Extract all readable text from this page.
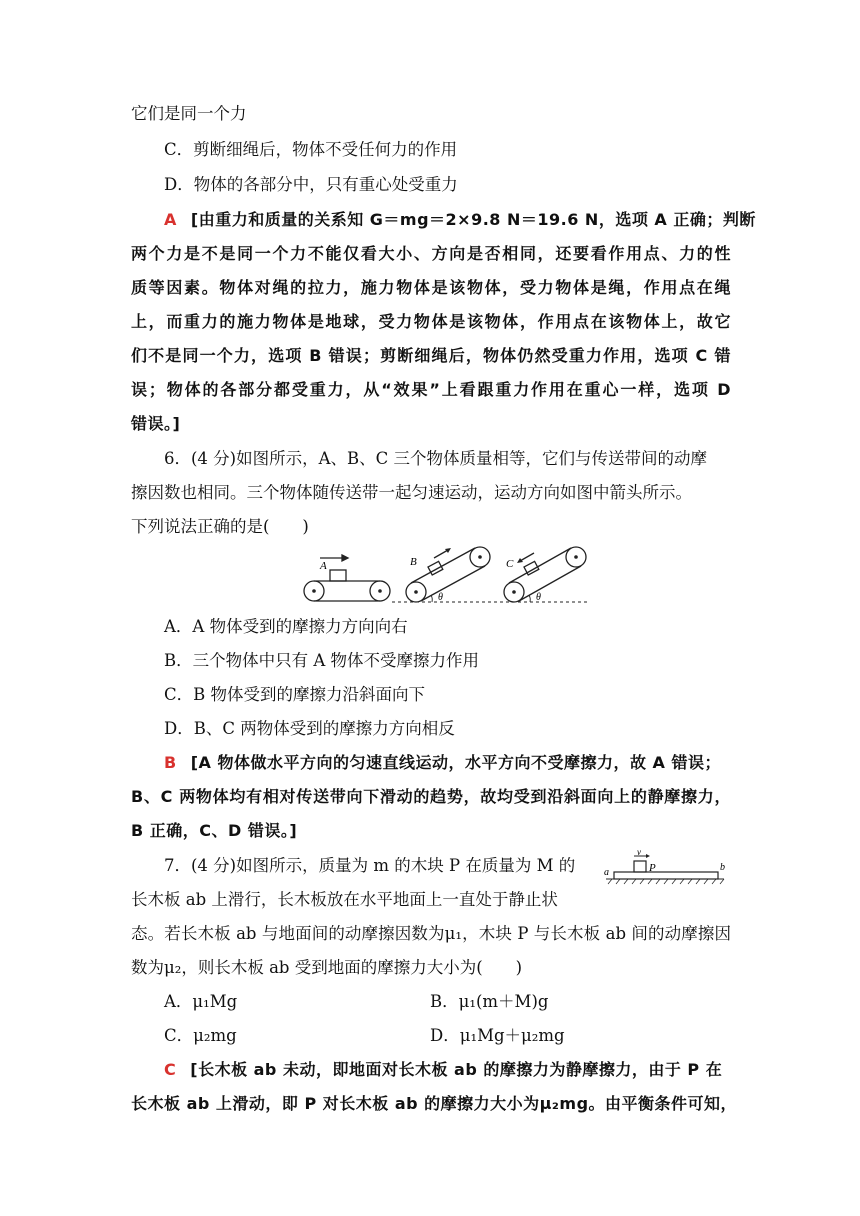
它们是同一个力
C．剪断细绳后，物体不受任何力的作用
D．物体的各部分中，只有重心处受重力
A [由重力和质量的关系知 G＝mg＝2×9.8 N＝19.6 N，选项 A 正确；判断
两个力是不是同一个力不能仅看大小、方向是否相同，还要看作用点、力的性
质等因素。物体对绳的拉力，施力物体是该物体，受力物体是绳，作用点在绳
上，而重力的施力物体是地球，受力物体是该物体，作用点在该物体上，故它
们不是同一个力，选项 B 错误；剪断细绳后，物体仍然受重力作用，选项 C 错
误；物体的各部分都受重力，从“效果”上看跟重力作用在重心一样，选项 D
错误。]
6．(4 分)如图所示，A、B、C 三个物体质量相等，它们与传送带间的动摩
擦因数也相同。三个物体随传送带一起匀速运动，运动方向如图中箭头所示。
下列说法正确的是(　　)
A	B
θ
C
θ
A．A 物体受到的摩擦力方向向右
B．三个物体中只有 A 物体不受摩擦力作用
C．B 物体受到的摩擦力沿斜面向下
D．B、C 两物体受到的摩擦力方向相反
B [A 物体做水平方向的匀速直线运动，水平方向不受摩擦力，故 A 错误；
B、C 两物体均有相对传送带向下滑动的趋势，故均受到沿斜面向上的静摩擦力，
B 正确，C、D 错误。]
7．(4 分)如图所示，质量为 m 的木块 P 在质量为 M 的
长木板 ab 上滑行，长木板放在水平地面上一直处于静止状
v
P
a	b
态。若长木板 ab 与地面间的动摩擦因数为μ₁，木块 P 与长木板 ab 间的动摩擦因
数为μ₂，则长木板 ab 受到地面的摩擦力大小为(　　)
A．μ₁Mg	B．μ₁(m＋M)g
C．μ₂mg	D．μ₁Mg＋μ₂mg
C [长木板 ab 未动，即地面对长木板 ab 的摩擦力为静摩擦力，由于 P 在
长木板 ab 上滑动，即 P 对长木板 ab 的摩擦力大小为μ₂mg。由平衡条件可知，
